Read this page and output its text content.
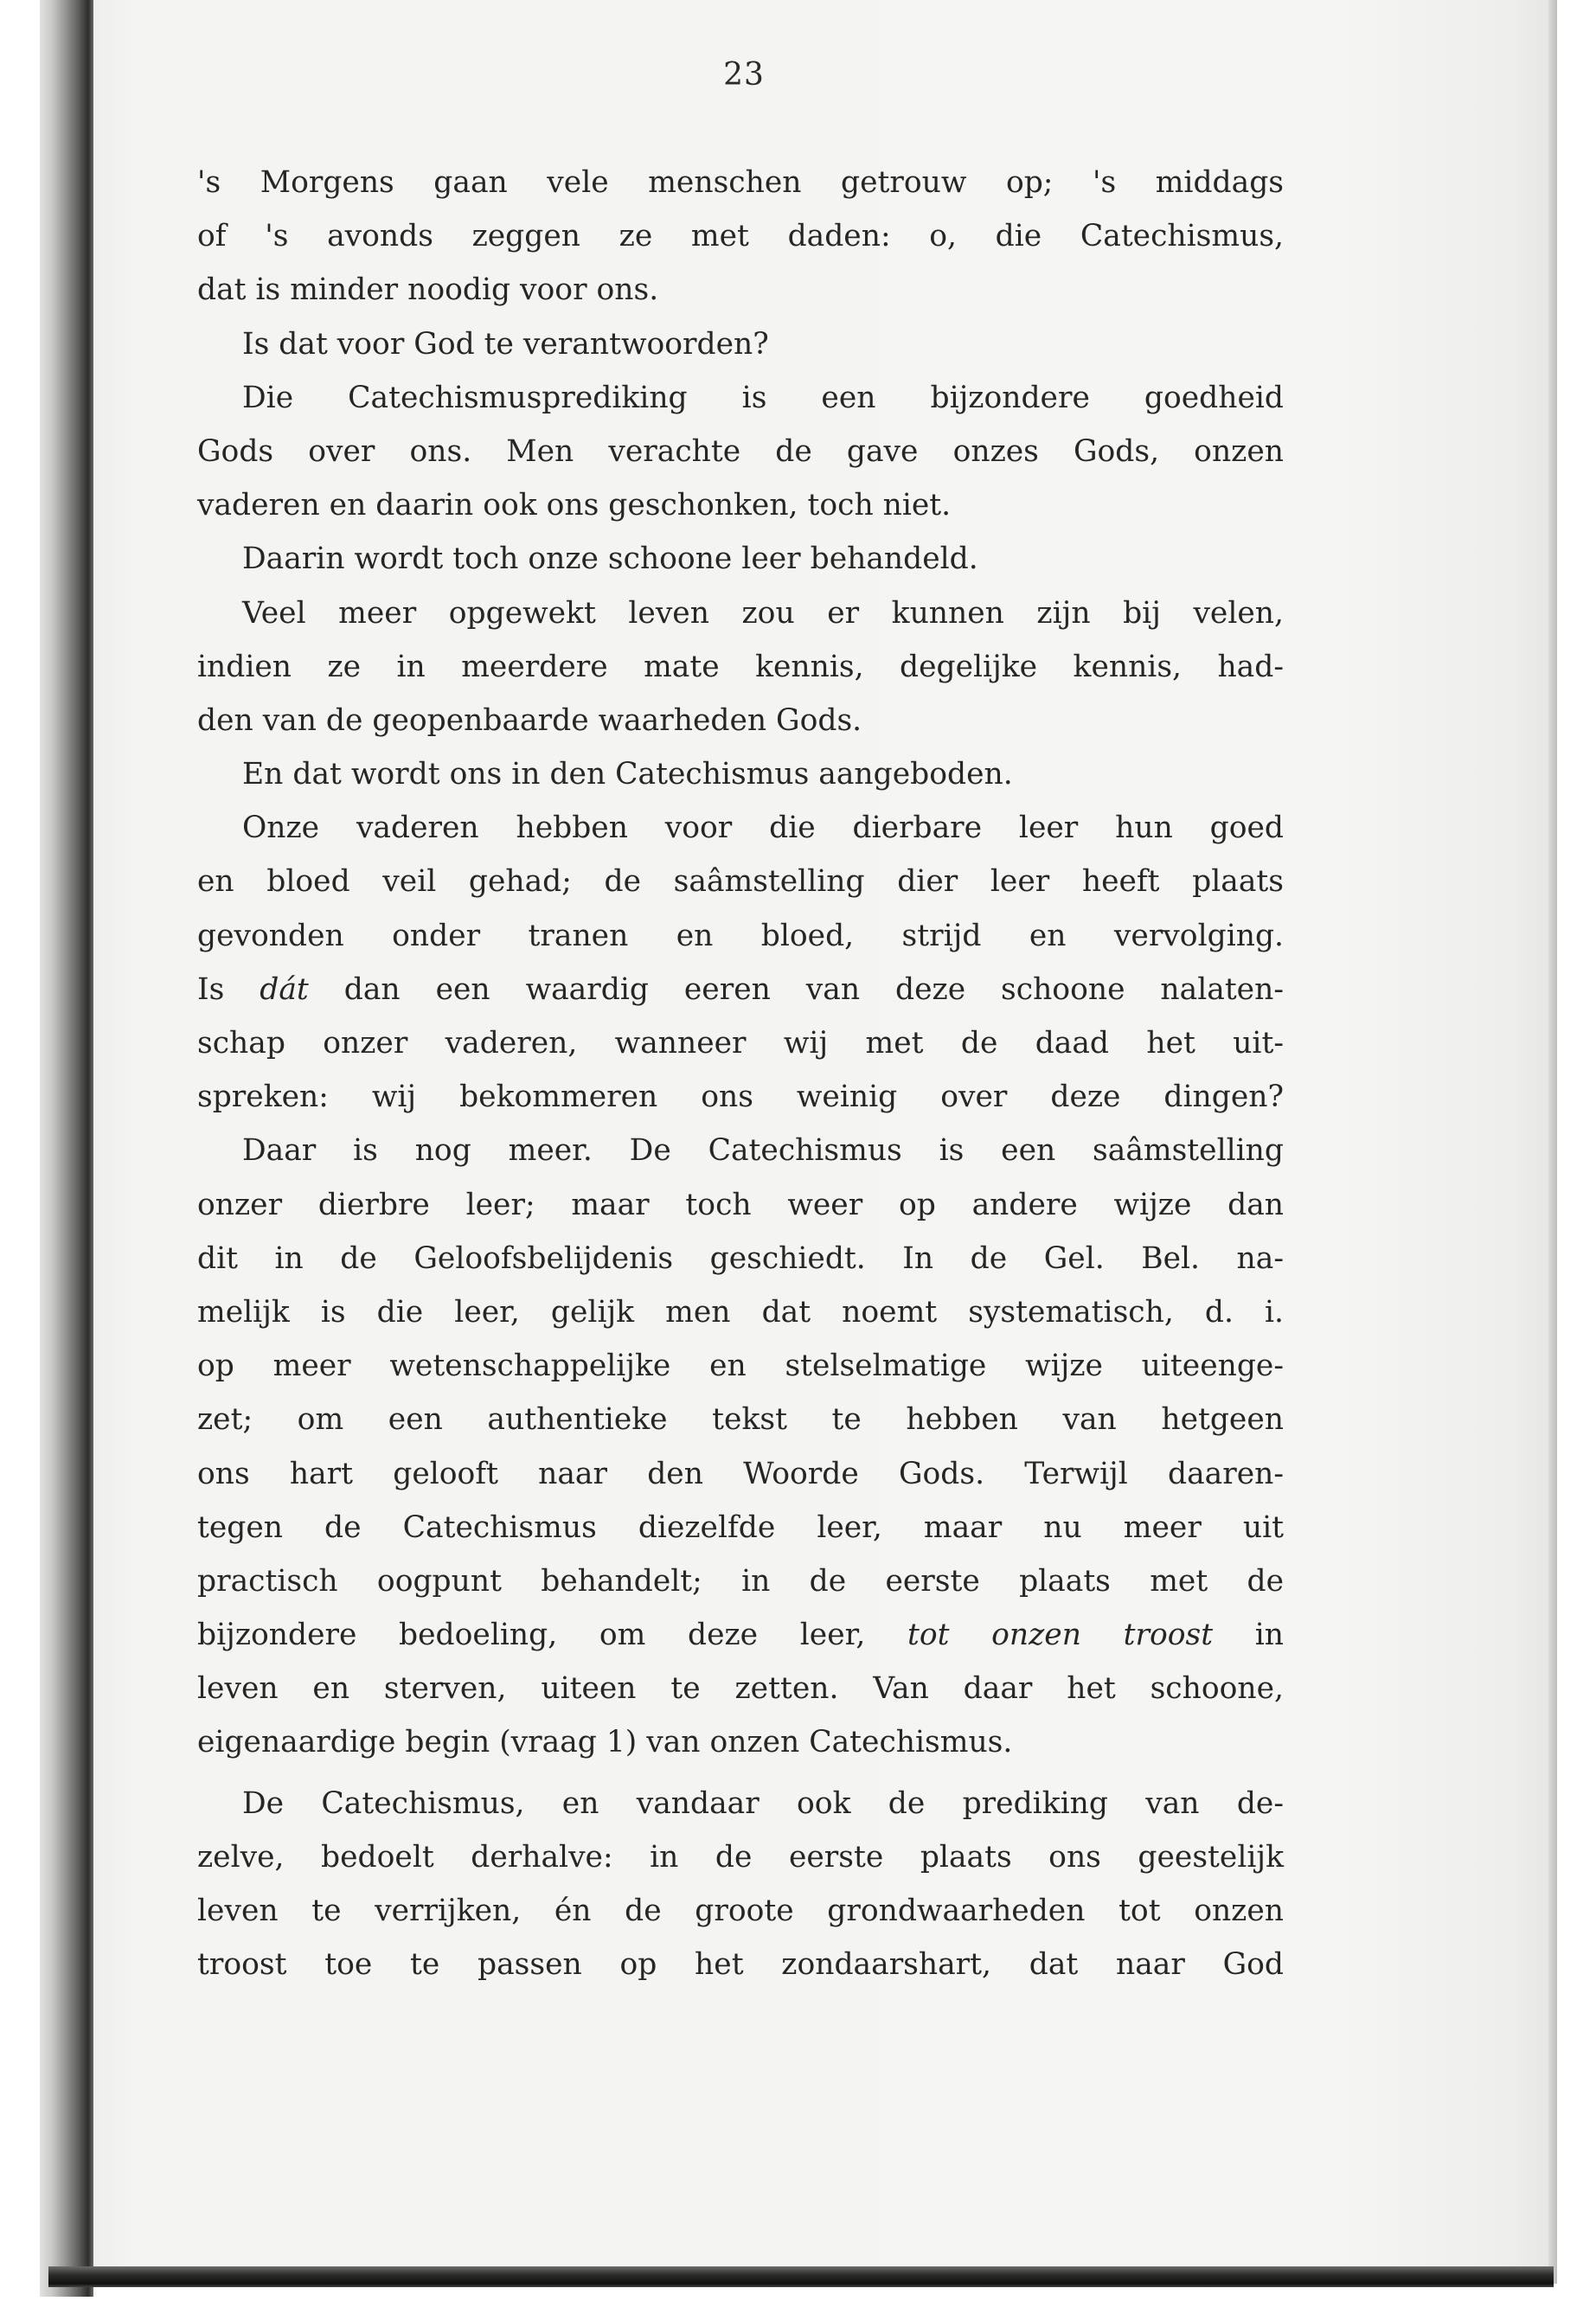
23
's Morgens gaan vele menschen getrouw op; 's middags
of 's avonds zeggen ze met daden: o, die Catechismus,
dat is minder noodig voor ons.
Is dat voor God te verantwoorden?
Die Catechismusprediking is een bijzondere goedheid
Gods over ons. Men verachte de gave onzes Gods, onzen
vaderen en daarin ook ons geschonken, toch niet.
Daarin wordt toch onze schoone leer behandeld.
Veel meer opgewekt leven zou er kunnen zijn bij velen,
indien ze in meerdere mate kennis, degelijke kennis, had-
den van de geopenbaarde waarheden Gods.
En dat wordt ons in den Catechismus aangeboden.
Onze vaderen hebben voor die dierbare leer hun goed
en bloed veil gehad; de saâmstelling dier leer heeft plaats
gevonden onder tranen en bloed, strijd en vervolging.
Is dát dan een waardig eeren van deze schoone nalaten-
schap onzer vaderen, wanneer wij met de daad het uit-
spreken: wij bekommeren ons weinig over deze dingen?
Daar is nog meer. De Catechismus is een saâmstelling
onzer dierbre leer; maar toch weer op andere wijze dan
dit in de Geloofsbelijdenis geschiedt. In de Gel. Bel. na-
melijk is die leer, gelijk men dat noemt systematisch, d. i.
op meer wetenschappelijke en stelselmatige wijze uiteenge-
zet; om een authentieke tekst te hebben van hetgeen
ons hart gelooft naar den Woorde Gods. Terwijl daaren-
tegen de Catechismus diezelfde leer, maar nu meer uit
practisch oogpunt behandelt; in de eerste plaats met de
bijzondere bedoeling, om deze leer, tot onzen troost in
leven en sterven, uiteen te zetten. Van daar het schoone,
eigenaardige begin (vraag 1) van onzen Catechismus.
De Catechismus, en vandaar ook de prediking van de-
zelve, bedoelt derhalve: in de eerste plaats ons geestelijk
leven te verrijken, én de groote grondwaarheden tot onzen
troost toe te passen op het zondaarshart, dat naar God
